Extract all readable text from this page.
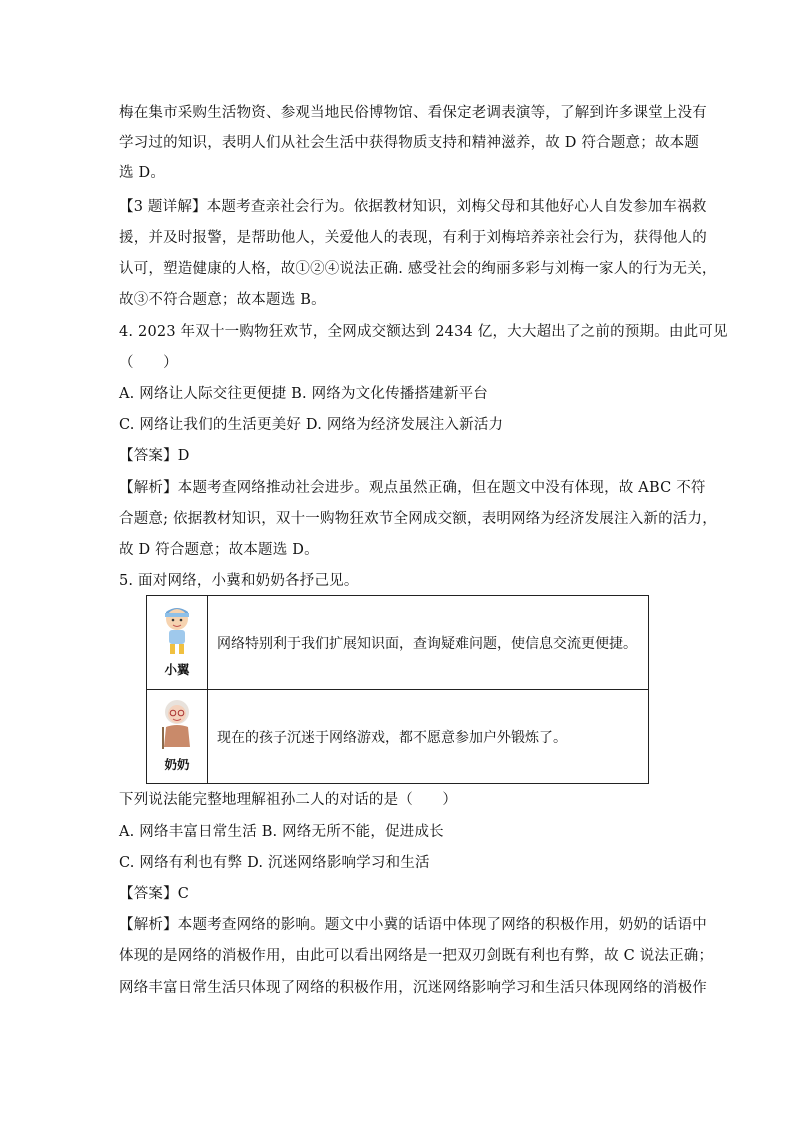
梅在集市采购生活物资、参观当地民俗博物馆、看保定老调表演等，了解到许多课堂上没有
学习过的知识，表明人们从社会生活中获得物质支持和精神滋养，故 D 符合题意；故本题
选 D。
【3 题详解】本题考查亲社会行为。依据教材知识，刘梅父母和其他好心人自发参加车祸救
援，并及时报警，是帮助他人，关爱他人的表现，有利于刘梅培养亲社会行为，获得他人的
认可，塑造健康的人格，故①②④说法正确. 感受社会的绚丽多彩与刘梅一家人的行为无关，
故③不符合题意；故本题选 B。
4. 2023 年双十一购物狂欢节，全网成交额达到 2434 亿，大大超出了之前的预期。由此可见
（　　）
A. 网络让人际交往更便捷 B. 网络为文化传播搭建新平台
C. 网络让我们的生活更美好 D. 网络为经济发展注入新活力
【答案】D
【解析】本题考查网络推动社会进步。观点虽然正确，但在题文中没有体现，故 ABC 不符
合题意; 依据教材知识，双十一购物狂欢节全网成交额，表明网络为经济发展注入新的活力，
故 D 符合题意；故本题选 D。
5. 面对网络，小冀和奶奶各抒己见。
小翼	网络特别利于我们扩展知识面，查询疑难问题，使信息交流更便捷。

奶奶	现在的孩子沉迷于网络游戏，都不愿意参加户外锻炼了。
下列说法能完整地理解祖孙二人的对话的是（　　）
A. 网络丰富日常生活 B. 网络无所不能，促进成长
C. 网络有利也有弊 D. 沉迷网络影响学习和生活
【答案】C
【解析】本题考查网络的影响。题文中小冀的话语中体现了网络的积极作用，奶奶的话语中
体现的是网络的消极作用，由此可以看出网络是一把双刃剑既有利也有弊，故 C 说法正确；
网络丰富日常生活只体现了网络的积极作用，沉迷网络影响学习和生活只体现网络的消极作
